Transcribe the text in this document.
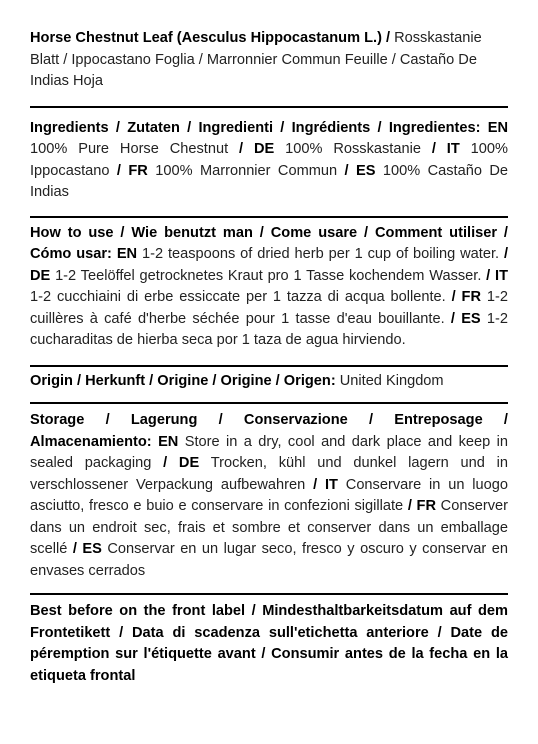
Horse Chestnut Leaf (Aesculus Hippocastanum L.) / Rosskastanie Blatt / Ippocastano Foglia / Marronnier Commun Feuille / Castaño De Indias Hoja
Ingredients / Zutaten / Ingredienti / Ingrédients / Ingredientes: EN 100% Pure Horse Chestnut / DE 100% Rosskastanie / IT 100% Ippocastano / FR 100% Marronnier Commun / ES 100% Castaño De Indias
How to use / Wie benutzt man / Come usare / Comment utiliser / Cómo usar: EN 1-2 teaspoons of dried herb per 1 cup of boiling water. / DE 1-2 Teelöffel getrocknetes Kraut pro 1 Tasse kochendem Wasser. / IT 1-2 cucchiaini di erbe essiccate per 1 tazza di acqua bollente. / FR 1-2 cuillères à café d'herbe séchée pour 1 tasse d'eau bouillante. / ES 1-2 cucharaditas de hierba seca por 1 taza de agua hirviendo.
Origin / Herkunft / Origine / Origine / Origen: United Kingdom
Storage / Lagerung / Conservazione / Entreposage / Almacenamiento: EN Store in a dry, cool and dark place and keep in sealed packaging / DE Trocken, kühl und dunkel lagern und in verschlossener Verpackung aufbewahren / IT Conservare in un luogo asciutto, fresco e buio e conservare in confezioni sigillate / FR Conserver dans un endroit sec, frais et sombre et conserver dans un emballage scellé / ES Conservar en un lugar seco, fresco y oscuro y conservar en envases cerrados
Best before on the front label / Mindesthaltbarkeitsdatum auf dem Frontetikett / Data di scadenza sull'etichetta anteriore / Date de péremption sur l'étiquette avant / Consumir antes de la fecha en la etiqueta frontal
